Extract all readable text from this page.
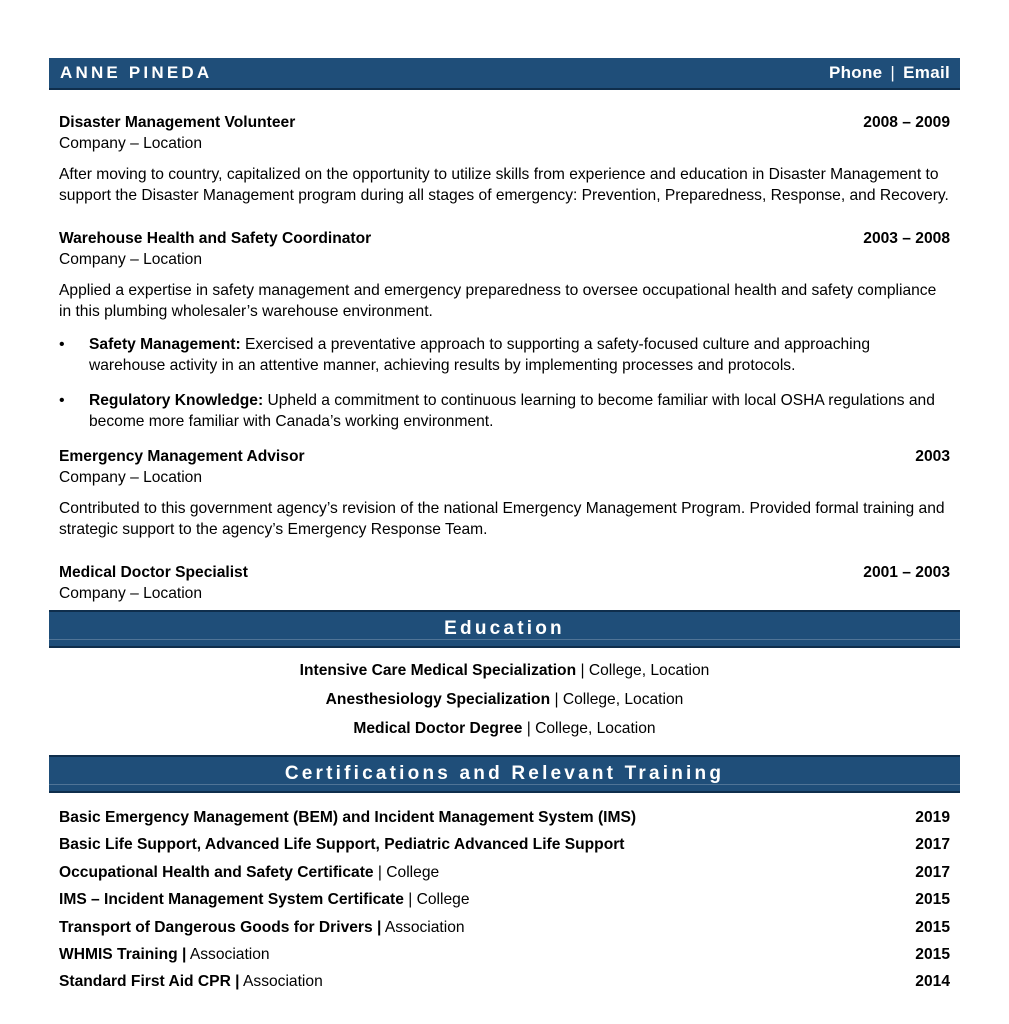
ANNE PINEDA	Phone | Email
Disaster Management Volunteer	2008 – 2009
Company – Location
After moving to country, capitalized on the opportunity to utilize skills from experience and education in Disaster Management to support the Disaster Management program during all stages of emergency: Prevention, Preparedness, Response, and Recovery.
Warehouse Health and Safety Coordinator	2003 – 2008
Company – Location
Applied a expertise in safety management and emergency preparedness to oversee occupational health and safety compliance in this plumbing wholesaler’s warehouse environment.
• Safety Management: Exercised a preventative approach to supporting a safety-focused culture and approaching warehouse activity in an attentive manner, achieving results by implementing processes and protocols.
• Regulatory Knowledge: Upheld a commitment to continuous learning to become familiar with local OSHA regulations and become more familiar with Canada’s working environment.
Emergency Management Advisor	2003
Company – Location
Contributed to this government agency’s revision of the national Emergency Management Program. Provided formal training and strategic support to the agency’s Emergency Response Team.
Medical Doctor Specialist	2001 – 2003
Company – Location
Education
Intensive Care Medical Specialization | College, Location
Anesthesiology Specialization | College, Location
Medical Doctor Degree | College, Location
Certifications and Relevant Training
Basic Emergency Management (BEM) and Incident Management System (IMS)	2019
Basic Life Support, Advanced Life Support, Pediatric Advanced Life Support	2017
Occupational Health and Safety Certificate | College	2017
IMS – Incident Management System Certificate | College	2015
Transport of Dangerous Goods for Drivers | Association	2015
WHMIS Training | Association	2015
Standard First Aid CPR | Association	2014
